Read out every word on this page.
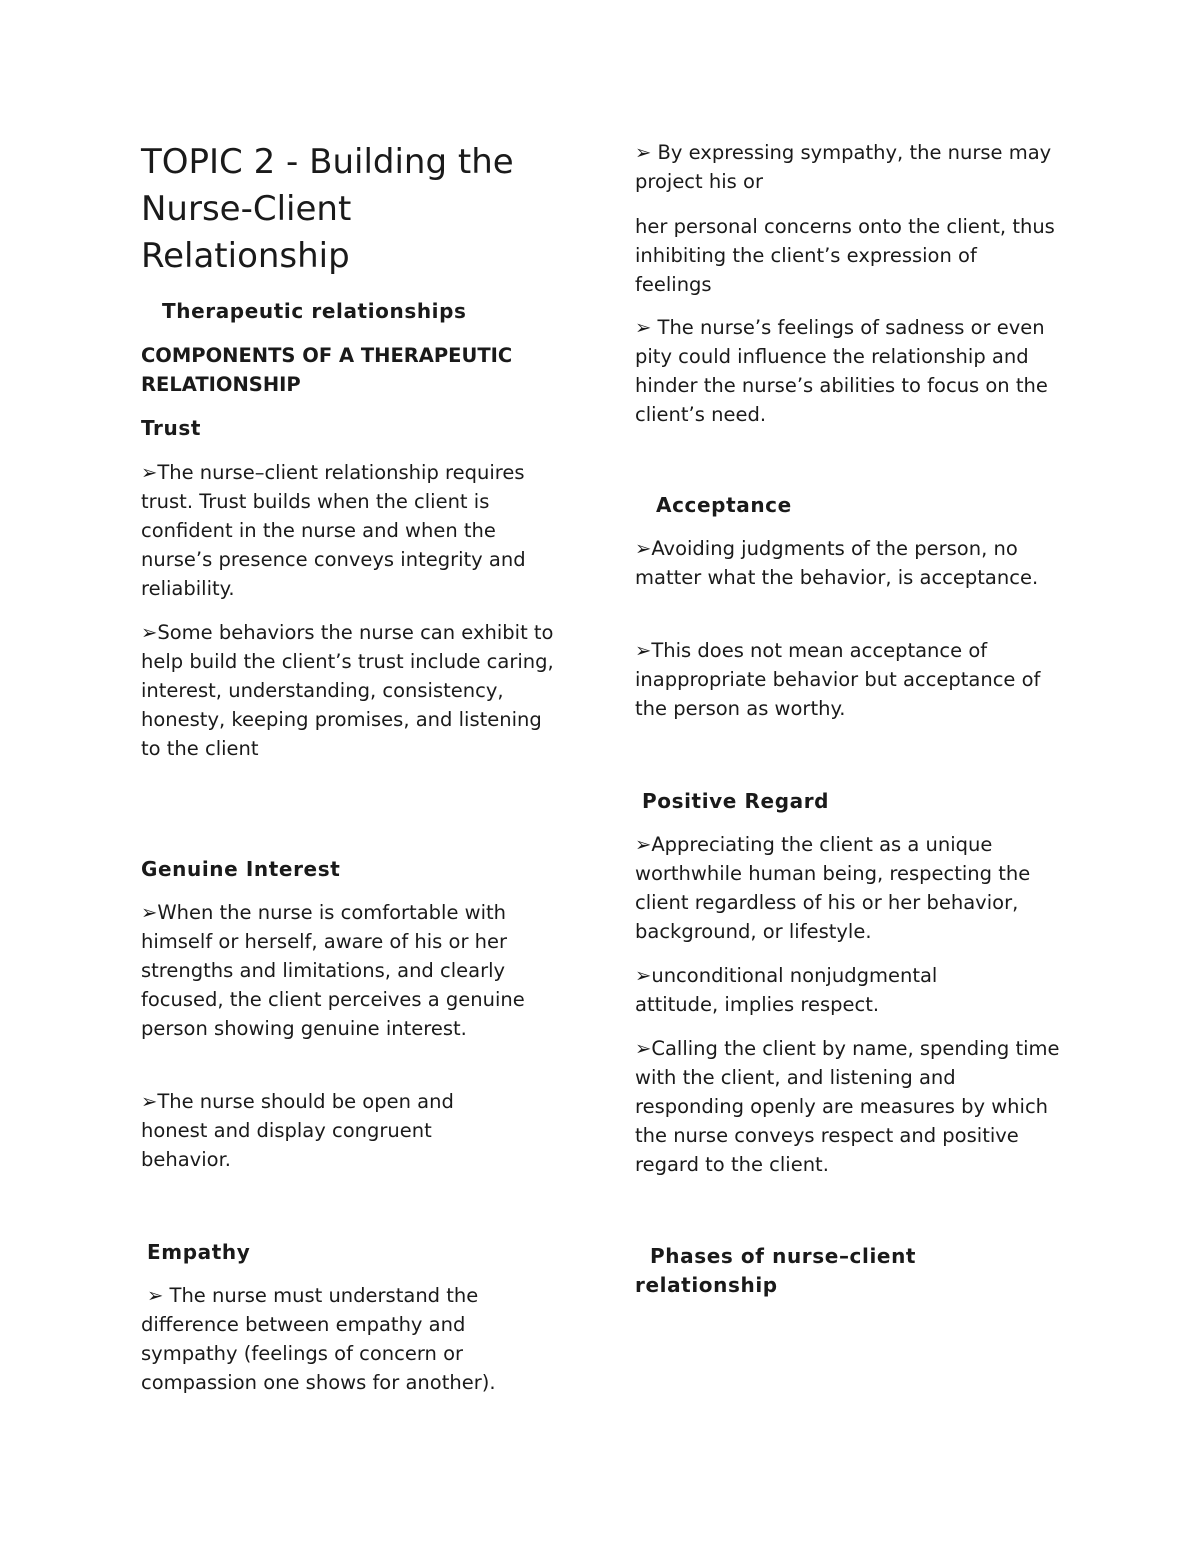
TOPIC 2 - Building the Nurse-Client Relationship
Therapeutic relationships
COMPONENTS OF A THERAPEUTIC RELATIONSHIP
Trust

➢The nurse–client relationship requires trust. Trust builds when the client is confident in the nurse and when the nurse’s presence conveys integrity and reliability.

➢Some behaviors the nurse can exhibit to help build the client’s trust include caring, interest, understanding, consistency, honesty, keeping promises, and listening to the client

Genuine Interest

➢When the nurse is comfortable with himself or herself, aware of his or her strengths and limitations, and clearly focused, the client perceives a genuine person showing genuine interest.

➢The nurse should be open and honest and display congruent behavior.

Empathy

➢ The nurse must understand the difference between empathy and sympathy (feelings of concern or compassion one shows for another).

➢ By expressing sympathy, the nurse may project his or

her personal concerns onto the client, thus inhibiting the client’s expression of feelings

➢ The nurse’s feelings of sadness or even pity could influence the relationship and hinder the nurse’s abilities to focus on the client’s need.

Acceptance

➢Avoiding judgments of the person, no matter what the behavior, is acceptance.

➢This does not mean acceptance of inappropriate behavior but acceptance of the person as worthy.

Positive Regard

➢Appreciating the client as a unique worthwhile human being, respecting the client regardless of his or her behavior, background, or lifestyle.

➢unconditional nonjudgmental attitude, implies respect.

➢Calling the client by name, spending time with the client, and listening and responding openly are measures by which the nurse conveys respect and positive regard to the client.

Phases of nurse–client relationship
